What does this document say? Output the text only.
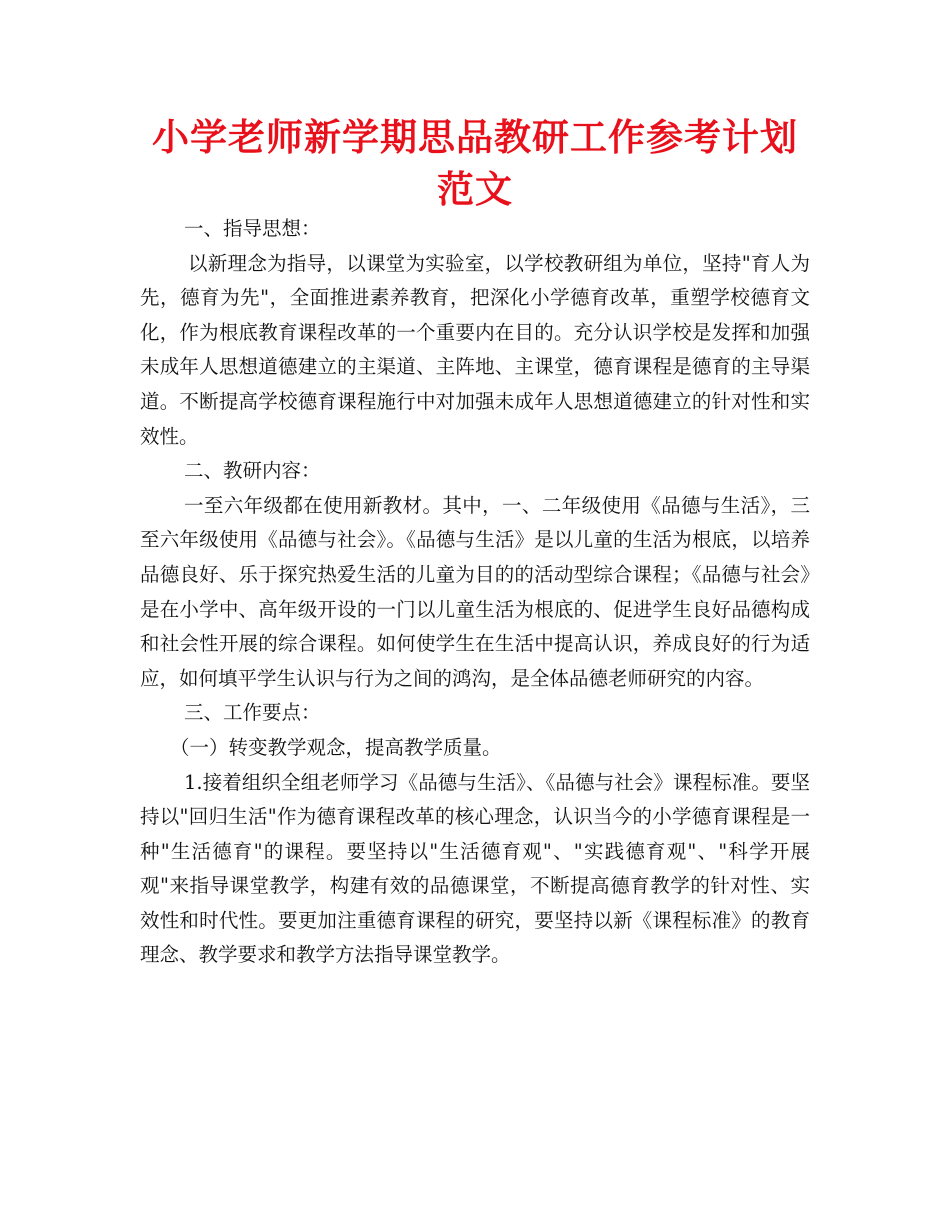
小学老师新学期思品教研工作参考计划范文

一、指导思想：

以新理念为指导，以课堂为实验室，以学校教研组为单位，坚持"育人为先，德育为先"，全面推进素养教育，把深化小学德育改革，重塑学校德育文化，作为根底教育课程改革的一个重要内在目的。充分认识学校是发挥和加强未成年人思想道德建立的主渠道、主阵地、主课堂，德育课程是德育的主导渠道。不断提高学校德育课程施行中对加强未成年人思想道德建立的针对性和实效性。

二、教研内容：

一至六年级都在使用新教材。其中，一、二年级使用《品德与生活》，三至六年级使用《品德与社会》。《品德与生活》是以儿童的生活为根底，以培养品德良好、乐于探究热爱生活的儿童为目的的活动型综合课程；《品德与社会》是在小学中、高年级开设的一门以儿童生活为根底的、促进学生良好品德构成和社会性开展的综合课程。如何使学生在生活中提高认识，养成良好的行为适应，如何填平学生认识与行为之间的鸿沟，是全体品德老师研究的内容。

三、工作要点：

（一）转变教学观念，提高教学质量。

1.接着组织全组老师学习《品德与生活》、《品德与社会》课程标准。要坚持以"回归生活"作为德育课程改革的核心理念，认识当今的小学德育课程是一种"生活德育"的课程。要坚持以"生活德育观"、"实践德育观"、"科学开展观"来指导课堂教学，构建有效的品德课堂，不断提高德育教学的针对性、实效性和时代性。要更加注重德育课程的研究，要坚持以新《课程标准》的教育理念、教学要求和教学方法指导课堂教学。
